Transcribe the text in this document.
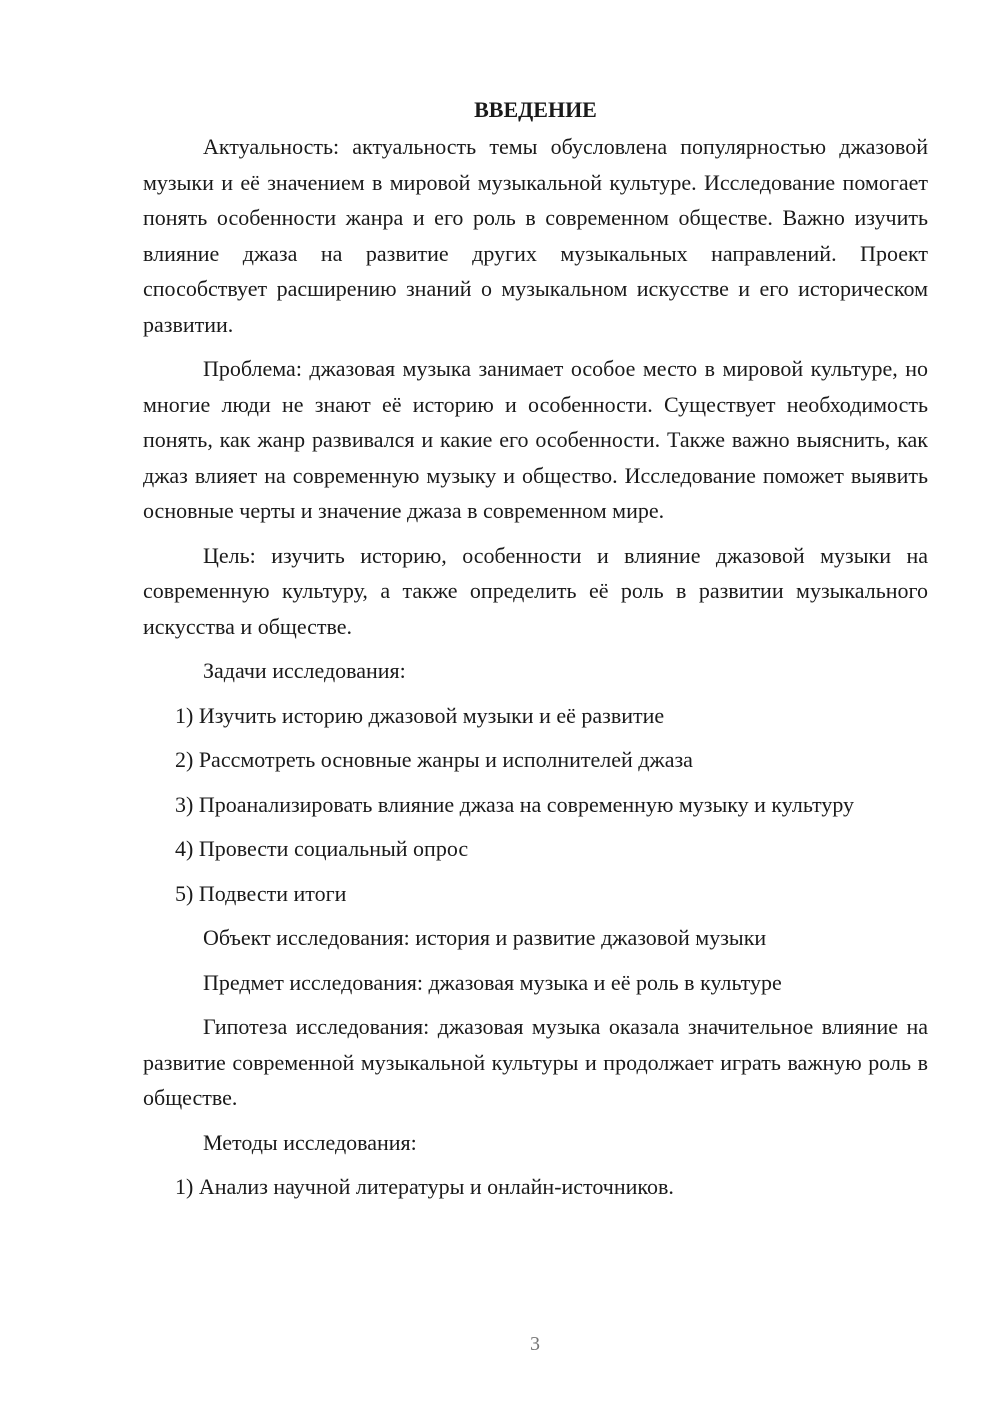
ВВЕДЕНИЕ

Актуальность: актуальность темы обусловлена популярностью джазовой музыки и её значением в мировой музыкальной культуре. Исследование помогает понять особенности жанра и его роль в современном обществе. Важно изучить влияние джаза на развитие других музыкальных направлений. Проект способствует расширению знаний о музыкальном искусстве и его историческом развитии.

Проблема: джазовая музыка занимает особое место в мировой культуре, но многие люди не знают её историю и особенности. Существует необходимость понять, как жанр развивался и какие его особенности. Также важно выяснить, как джаз влияет на современную музыку и общество. Исследование поможет выявить основные черты и значение джаза в современном мире.

Цель: изучить историю, особенности и влияние джазовой музыки на современную культуру, а также определить её роль в развитии музыкального искусства и обществе.

Задачи исследования:

1) Изучить историю джазовой музыки и её развитие

2) Рассмотреть основные жанры и исполнителей джаза

3) Проанализировать влияние джаза на современную музыку и культуру

4) Провести социальный опрос

5) Подвести итоги

Объект исследования: история и развитие джазовой музыки

Предмет исследования: джазовая музыка и её роль в культуре

Гипотеза исследования: джазовая музыка оказала значительное влияние на развитие современной музыкальной культуры и продолжает играть важную роль в обществе.

Методы исследования:

1) Анализ научной литературы и онлайн-источников.

3
